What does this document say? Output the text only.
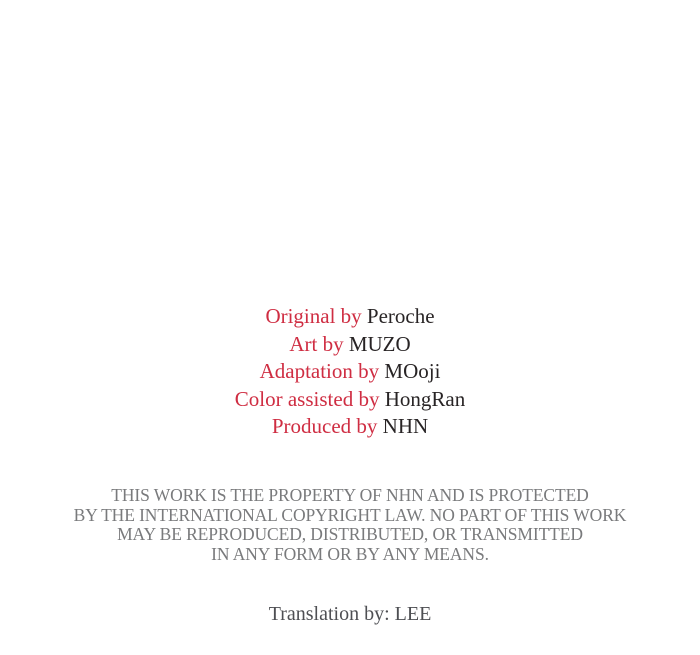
Original by Peroche
Art by MUZO
Adaptation by MOoji
Color assisted by HongRan
Produced by NHN
THIS WORK IS THE PROPERTY OF NHN AND IS PROTECTED
BY THE INTERNATIONAL COPYRIGHT LAW. NO PART OF THIS WORK
MAY BE REPRODUCED, DISTRIBUTED, OR TRANSMITTED
IN ANY FORM OR BY ANY MEANS.
Translation by: LEE
